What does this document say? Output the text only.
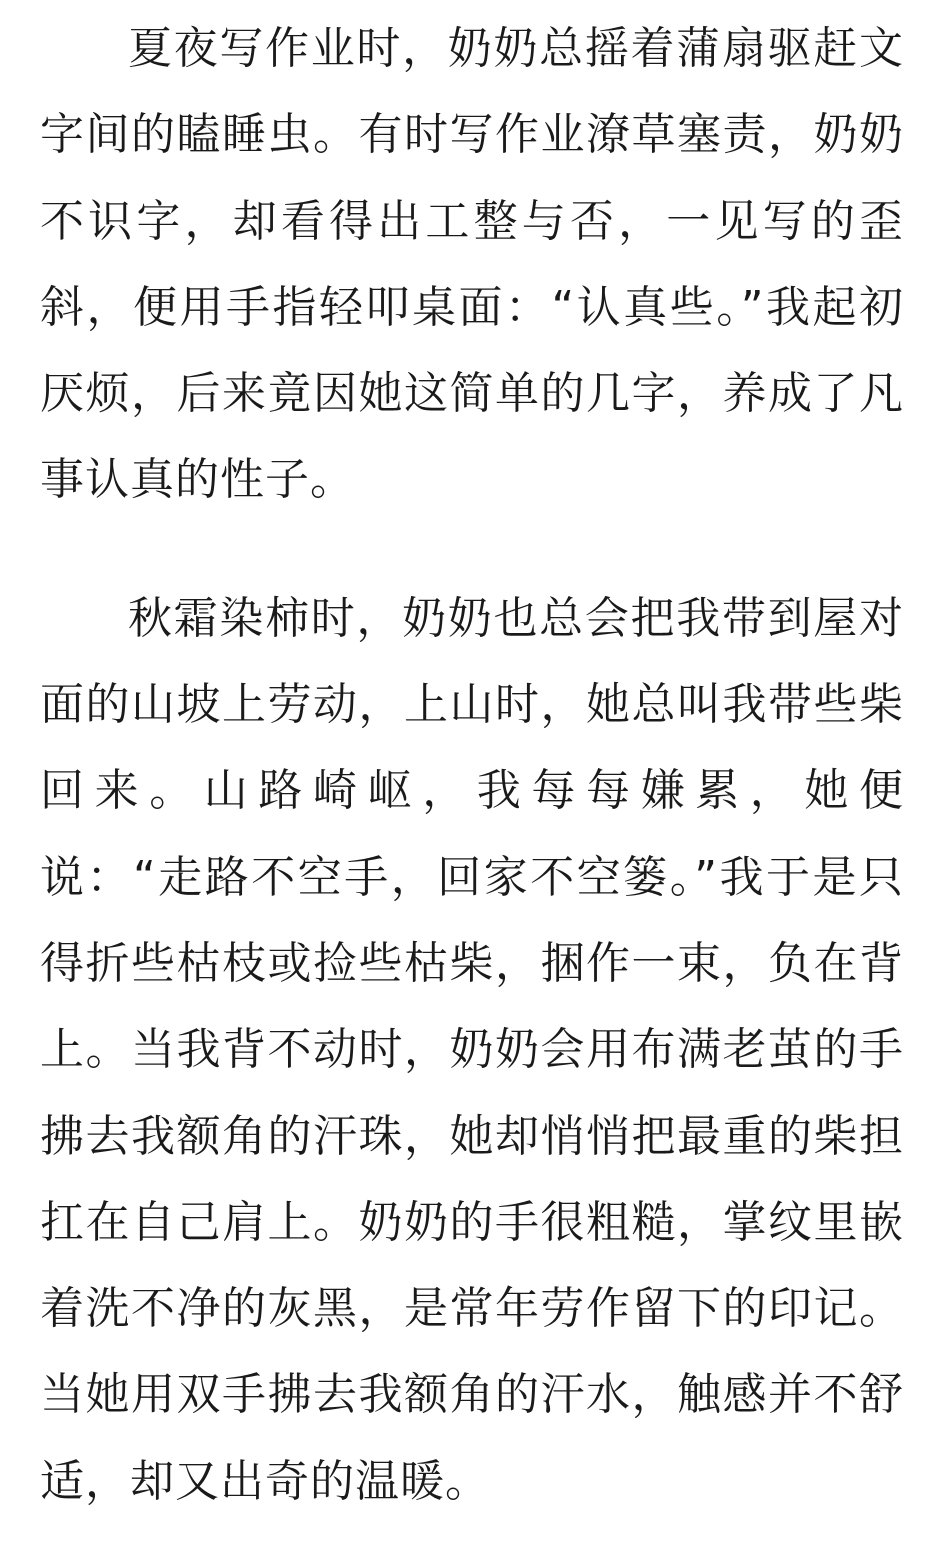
夏夜写作业时，奶奶总摇着蒲扇驱赶文字间的瞌睡虫。有时写作业潦草塞责，奶奶不识字，却看得出工整与否，一见写的歪斜，便用手指轻叩桌面：“认真些。”我起初厌烦，后来竟因她这简单的几字，养成了凡事认真的性子。

秋霜染柿时，奶奶也总会把我带到屋对面的山坡上劳动，上山时，她总叫我带些柴回来。山路崎岖，我每每嫌累，她便说：“走路不空手，回家不空篓。”我于是只得折些枯枝或捡些枯柴，捆作一束，负在背上。当我背不动时，奶奶会用布满老茧的手拂去我额角的汗珠，她却悄悄把最重的柴担扛在自己肩上。奶奶的手很粗糙，掌纹里嵌着洗不净的灰黑，是常年劳作留下的印记。当她用双手拂去我额角的汗水，触感并不舒适，却又出奇的温暖。
